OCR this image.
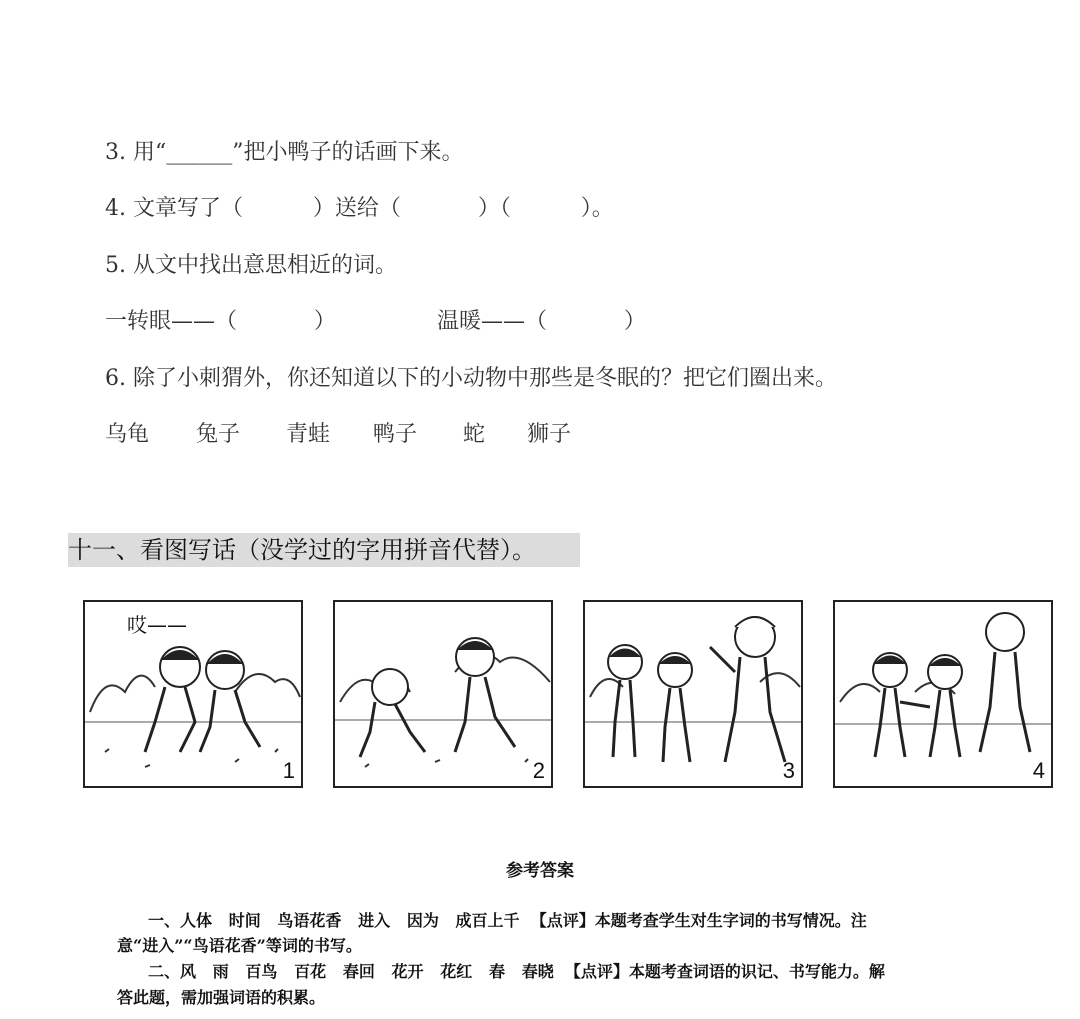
3. 用“______”把小鸭子的话画下来。
4. 文章写了（          ）送给（           ）（          ）。
5. 从文中找出意思相近的词。
一转眼——（           ）	温暖——（           ）
6. 除了小刺猬外，你还知道以下的小动物中那些是冬眠的？把它们圈出来。
乌龟 兔子 青蛙 鸭子 蛇 狮子
十一、看图写话（没学过的字用拼音代替）。
哎——
1	2	3	4
参考答案
一、人体   时间   鸟语花香   进入   因为   成百上千  【点评】本题考查学生对生字词的书写情况。注
意“进入”“鸟语花香”等词的书写。
二、风   雨   百鸟   百花   春回   花开   花红   春   春晓  【点评】本题考查词语的识记、书写能力。解
答此题，需加强词语的积累。
